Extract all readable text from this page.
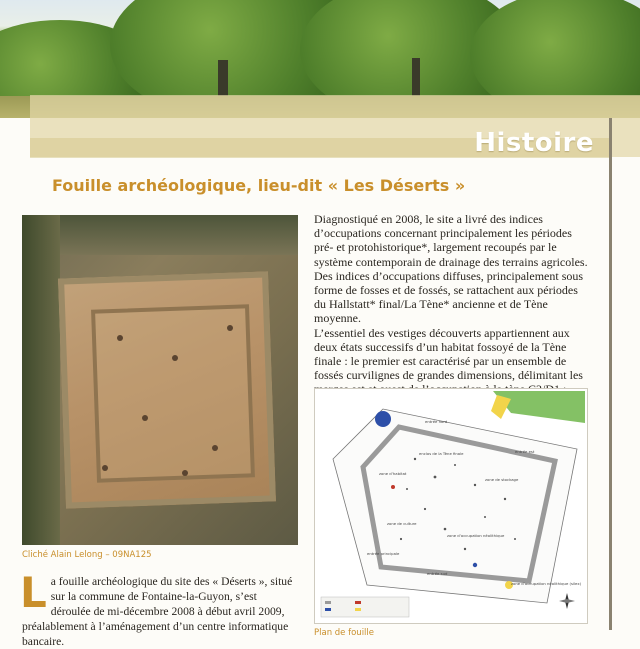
Histoire
Fouille archéologique, lieu-dit « Les Déserts »

Cliché Alain Lelong – 09NA125

La fouille archéologique du site des « Déserts », situé sur la commune de Fontaine-la-Guyon, s’est déroulée de mi-décembre 2008 à début avril 2009, préalablement à l’aménagement d’un centre informatique bancaire.

Diagnostiqué en 2008, le site a livré des indices d’occupations concernant principalement les périodes pré- et protohistorique*, largement recoupés par le système contemporain de drainage des terrains agricoles.

Des indices d’occupations diffuses, principalement sous forme de fosses et de fossés, se rattachent aux périodes du Hallstatt* final/La Tène* ancienne et de Tène moyenne.

L’essentiel des vestiges découverts appartiennent aux deux états successifs d’un habitat fossoyé de la Tène finale : le premier est caractérisé par un ensemble de fossés curvilignes de grandes dimensions, délimitant les

entrée nord
zone d’habitat
enclos de la Tène finale
zone de stockage
entrée est
zone de culture
entrée principale
zone d’occupation néolithique
entrée sud
zone d’occupation néolithique (silex)

Plan de fouille
